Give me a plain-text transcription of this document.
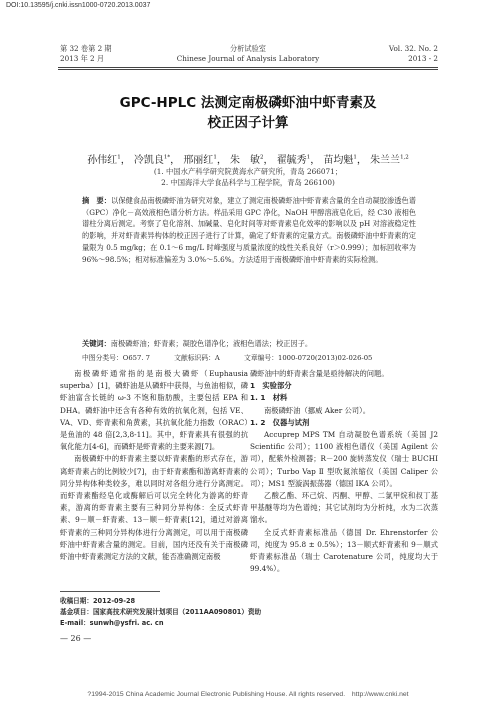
DOI:10.13595/j.cnki.issn1000-0720.2013.0037
第 32 卷第 2 期
2013 年 2 月
分析试验室
Chinese Journal of Analysis Laboratory
Vol. 32. No. 2
2013 - 2
GPC-HPLC 法测定南极磷虾油中虾青素及
校正因子计算
孙伟红$^1$， 冷凯良$^{1*}$， 邢丽红$^1$， 朱　敏$^2$， 翟毓秀$^1$， 苗均魁$^1$， 朱兰兰$^{1,2}$
(1. 中国水产科学研究院黄海水产研究所，青岛 266071；
2. 中国海洋大学食品科学与工程学院，青岛 266100)
摘　要：以保健食品南极磷虾油为研究对象，建立了测定南极磷虾油中虾青素含量的全自动凝胶渗透色谱（GPC）净化－高效液相色谱分析方法。样品采用 GPC 净化，NaOH 甲醇溶液皂化后，经 C30 液相色谱柱分离后测定。考察了皂化溶剂、加碱量、皂化时间等对虾青素皂化效率的影响以及 pH 对溶液稳定性的影响，并对虾青素异构体的校正因子进行了计算，确定了虾青素的定量方式。南极磷虾油中虾青素的定量限为 0.5 mg/kg；在 0.1～6 mg/L 时峰强度与质量浓度的线性关系良好（r＞0.999）；加标回收率为 96%～98.5%；相对标准偏差为 3.0%～5.6%。方法适用于南极磷虾油中虾青素的实际检测。
关键词：南极磷虾油；虾青素；凝胶色谱净化；液相色谱法；校正因子。
中图分类号：O657. 7	文献标识码：A	文章编号：1000-0720(2013)02-026-05

南极磷虾通常指的是南极大磷虾（Euphausia superba）[1]，磷虾油是从磷虾中获得，与鱼油相似，磷虾油富含长链的 ω-3 不饱和脂肪酸，主要包括 EPA 和 DHA。磷虾油中还含有各种有效的抗氧化剂，包括 VE、VA、VD、虾青素和角黄素，其抗氧化能力指数（ORAC）是鱼油的 48 倍[2,3,8-11]。其中，虾青素具有很强的抗氧化能力[4-6]，而磷虾是虾青素的主要来源[7]。

南极磷虾中的虾青素主要以虾青素酯的形式存在，游离虾青素占的比例较少[7]，由于虾青素酯和游离虾青素的同分异构体种类较多，难以同时对各组分进行分离测定。而虾青素酯经皂化或酶解后可以完全转化为游离的虾青素，游离的虾青素主要有三种同分异构体：全反式虾青素、9－顺－虾青素、13－顺－虾青素[12]，通过对游离虾青素的三种同分异构体进行分离测定，可以用于南极磷虾油中虾青素含量的测定。目前，国内还没有关于南极磷虾油中虾青素测定方法的文献，能否准确测定南极

磷虾油中的虾青素含量是亟待解决的问题。

1　实验部分

1. 1　材料

南极磷虾油（挪威 Aker 公司）。

1. 2　仪器与试剂

Accuprep MPS TM 自动凝胶色谱系统（美国 J2 Scientific 公司）；1100 液相色谱仪（美国 Agilent 公司），配紫外检测器；R－200 旋转蒸发仪（瑞士 BUCHI 公司）；Turbo Vap Ⅱ 型吹氮浓缩仪（美国 Caliper 公司）；MS1 型漩涡振荡器（德国 IKA 公司）。

乙酸乙酯、环己烷、丙酮、甲醇、二氯甲烷和叔丁基甲基醚等均为色谱纯；其它试剂均为分析纯，水为二次蒸馏水。

全反式虾青素标准品（德国 Dr. Ehrenstorfer 公司，纯度为 95.8 ± 0.5%）；13－顺式虾青素和 9－顺式虾青素标准品（瑞士 Carotenature 公司，纯度均大于 99.4%）。

收稿日期：2012-09-28
基金项目：国家高技术研究发展计划项目（2011AA090801）资助
E-mail：sunwh@ysfri. ac. cn
— 26 —
?1994-2015 China Academic Journal Electronic Publishing House. All rights reserved.　http://www.cnki.net
